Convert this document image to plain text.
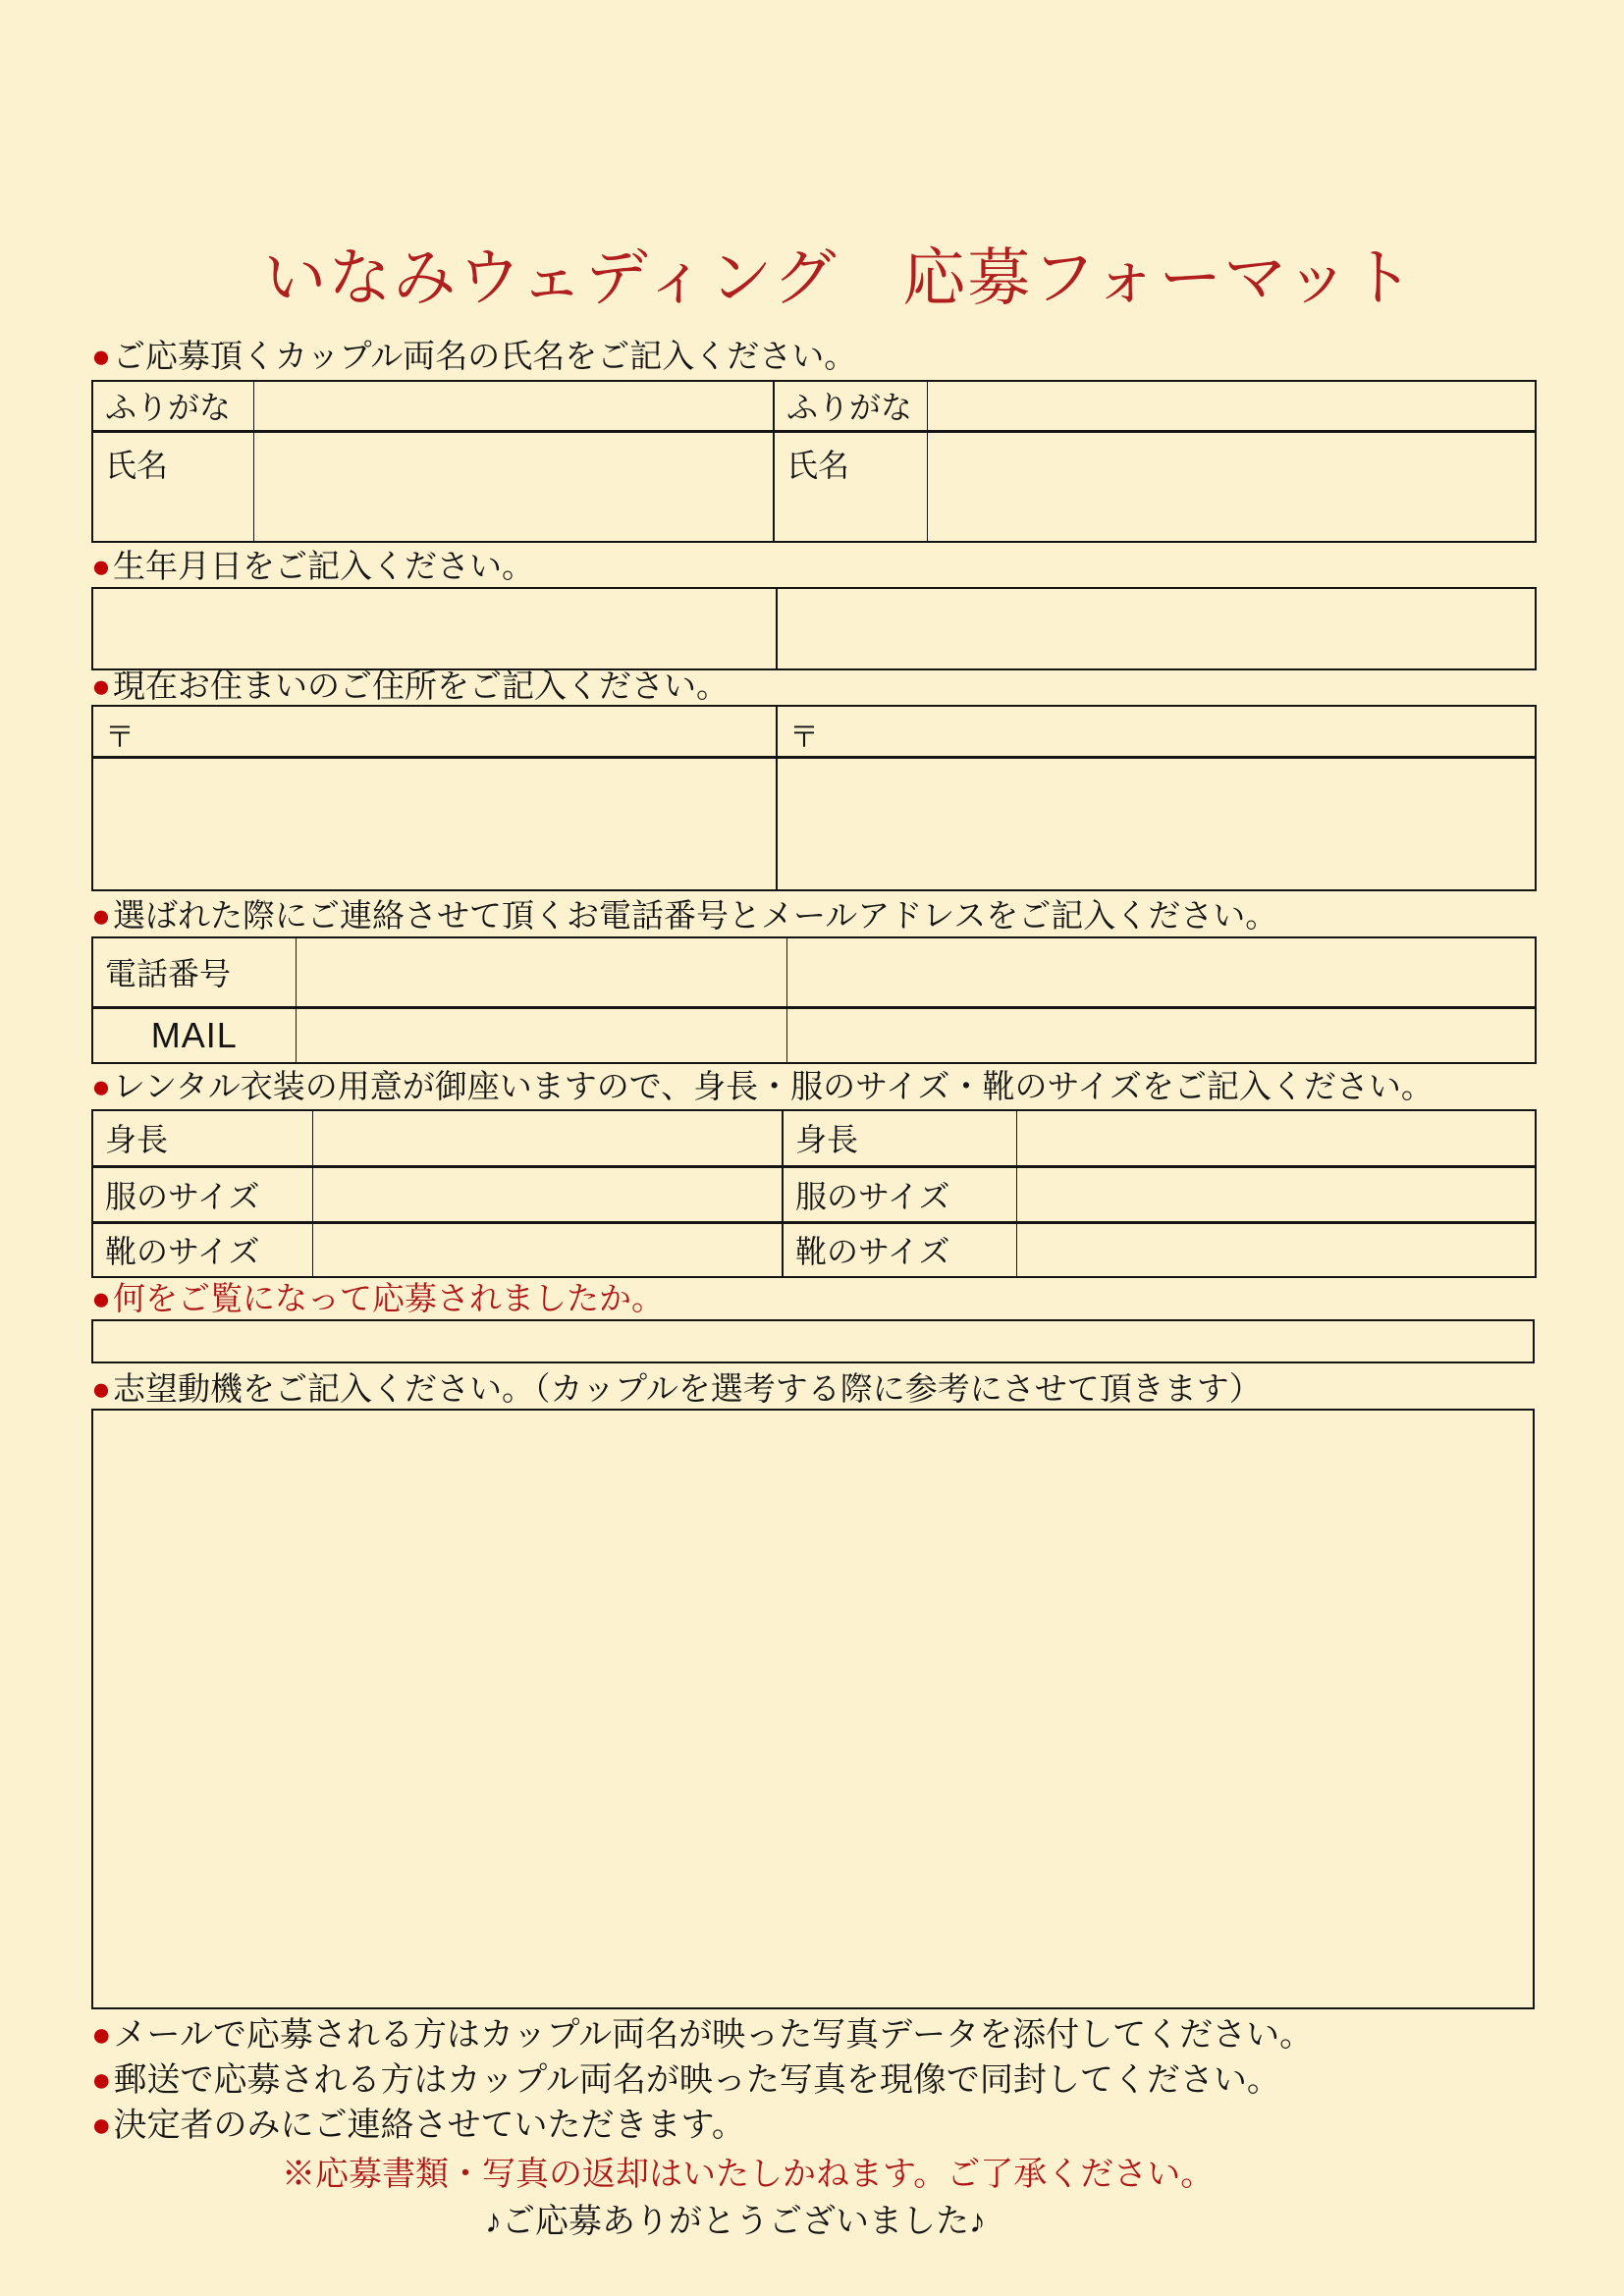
いなみウェディング　応募フォーマット
●ご応募頂くカップル両名の氏名をご記入ください。
ふりがな		ふりがな	
氏名		氏名	
●生年月日をご記入ください。

●現在お住まいのご住所をご記入ください。
〒	〒

●選ばれた際にご連絡させて頂くお電話番号とメールアドレスをご記入ください。
電話番号		
MAIL		
●レンタル衣装の用意が御座いますので、身長・服のサイズ・靴のサイズをご記入ください。
身長		身長	
服のサイズ		服のサイズ	
靴のサイズ		靴のサイズ	
●何をご覧になって応募されましたか。
●志望動機をご記入ください。（カップルを選考する際に参考にさせて頂きます）
●メールで応募される方はカップル両名が映った写真データを添付してください。
●郵送で応募される方はカップル両名が映った写真を現像で同封してください。
●決定者のみにご連絡させていただきます。
※応募書類・写真の返却はいたしかねます。ご了承ください。
♪ご応募ありがとうございました♪
